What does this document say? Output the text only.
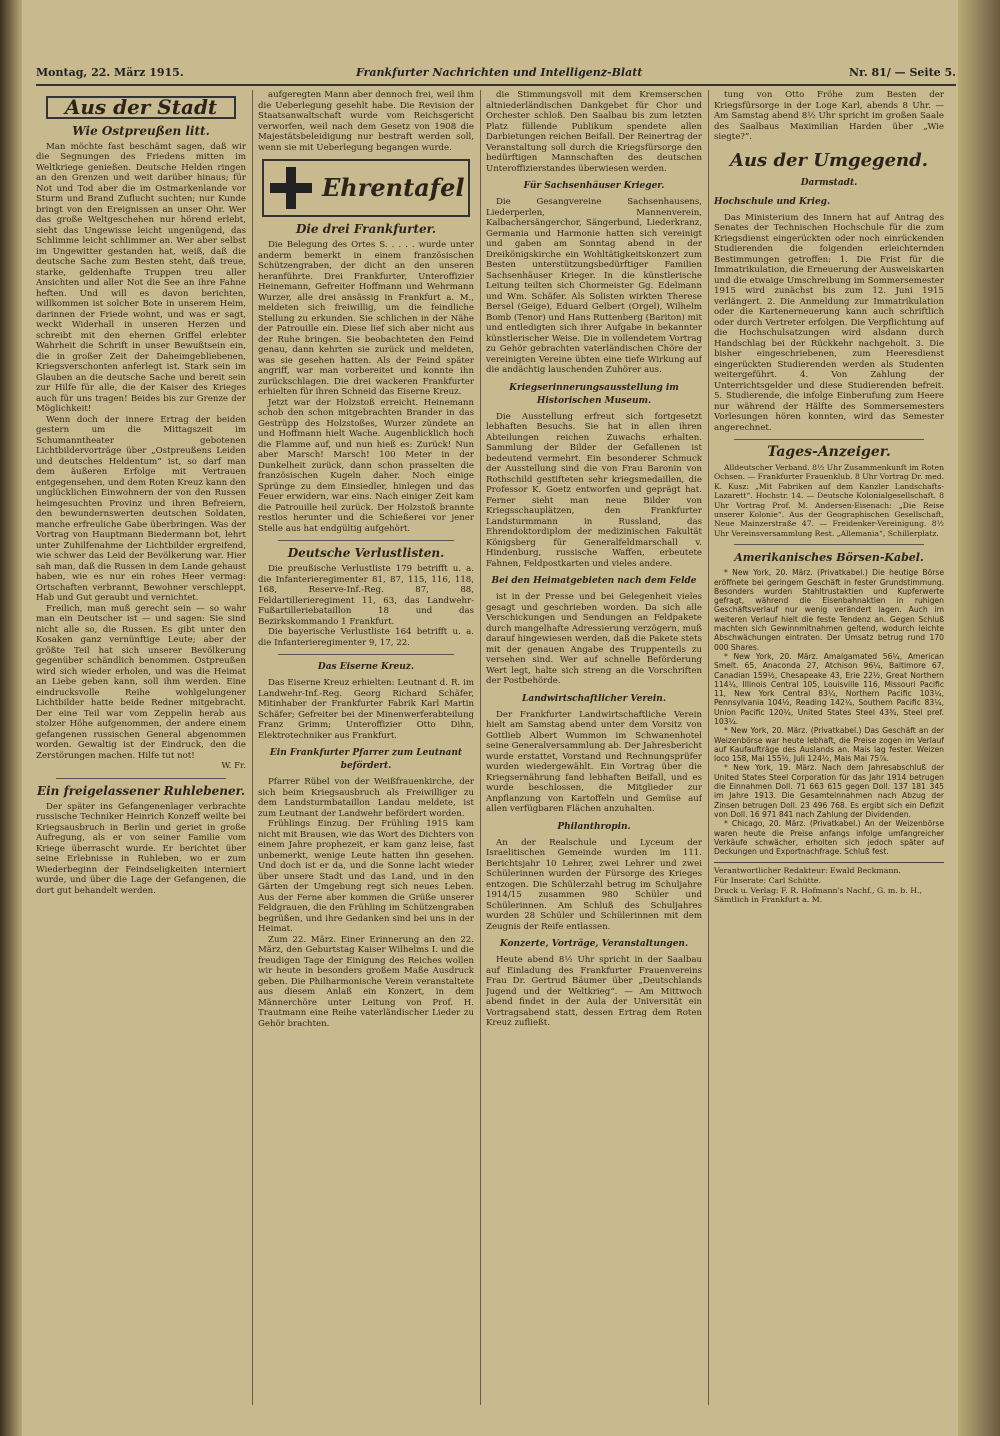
Montag, 22. März 1915.	Frankfurter Nachrichten und Intelligenz-Blatt	Nr. 81/ — Seite 5.
Aus der Stadt
Wie Ostpreußen litt.

Man möchte fast beschämt sagen, daß wir die Segnungen des Friedens mitten im Weltkriege genießen. Deutsche Helden ringen an den Grenzen und weit darüber hinaus; für Not und Tod aber die im Ostmarkenlande vor Sturm und Brand Zuflucht suchten; nur Kunde bringt von den Ereignissen an unser Ohr. Wer das große Weltgeschehen nur hörend erlebt, sieht das Ungewisse leicht ungenügend, das Schlimme leicht schlimmer an. Wer aber selbst im Ungewitter gestanden hat, weiß, daß die deutsche Sache zum Besten steht, daß treue, starke, geldenhafte Truppen treu aller Ansichten und aller Not die See an ihre Fahne heften. Und will es davon berichten, willkommen ist solcher Bote in unserem Heim, darinnen der Friede wohnt, und was er sagt, weckt Widerhall in unseren Herzen und schreibt mit den ehernen Griffel erlebter Wahrheit die Schrift in unser Bewußtsein ein, die in großer Zeit der Daheimgebliebenen, Kriegsverschonten anferlegt ist. Stark sein im Glauben an die deutsche Sache und bereit sein zur Hilfe für alle, die der Kaiser des Krieges auch für uns tragen! Beides bis zur Grenze der Möglichkeit!

Wenn doch der innere Ertrag der beiden gestern um die Mittagszeit im Schumanntheater gebotenen Lichtbildervorträge über „Ostpreußens Leiden und deutsches Heldentum“ ist, so darf man dem äußeren Erfolge mit Vertrauen entgegensehen, und dem Roten Kreuz kann den unglücklichen Einwohnern der von den Russen heimgesuchten Provinz und ihren Befreiern, den bewundernswerten deutschen Soldaten, manche erfreuliche Gabe überbringen. Was der Vortrag von Hauptmann Biedermann bot, lehrt unter Zuhilfenahme der Lichtbilder ergreifend, wie schwer das Leid der Bevölkerung war. Hier sah man, daß die Russen in dem Lande gehaust haben, wie es nur ein rohes Heer vermag: Ortschaften verbrannt, Bewohner verschleppt, Hab und Gut geraubt und vernichtet.

Freilich, man muß gerecht sein — so wahr man ein Deutscher ist — und sagen: Sie sind nicht alle so, die Russen. Es gibt unter den Kosaken ganz vernünftige Leute; aber der größte Teil hat sich unserer Bevölkerung gegenüber schändlich benommen. Ostpreußen wird sich wieder erholen, und was die Heimat an Liebe geben kann, soll ihm werden. Eine eindrucksvolle Reihe wohlgelungener Lichtbilder hatte beide Redner mitgebracht. Der eine Teil war vom Zeppelin herab aus stolzer Höhe aufgenommen, der andere einem gefangenen russischen General abgenommen worden. Gewaltig ist der Eindruck, den die Zerstörungen machen. Hilfe tut not!

W. Fr.
Ein freigelassener Ruhlebener.

Der später ins Gefangenenlager verbrachte russische Techniker Heinrich Konzeff weilte bei Kriegsausbruch in Berlin und geriet in große Aufregung, als er von seiner Familie vom Kriege überrascht wurde. Er berichtet über seine Erlebnisse in Ruhleben, wo er zum Wiederbeginn der Feindseligkeiten interniert wurde, und über die Lage der Gefangenen, die dort gut behandelt werden.

aufgeregten Mann aber dennoch frei, weil ihm die Ueberlegung gesehlt habe. Die Revision der Staatsanwaltschaft wurde vom Reichsgericht verworfen, weil nach dem Gesetz von 1908 die Majestätsbeleidigung nur bestraft werden soll, wenn sie mit Ueberlegung begangen wurde.

Ehrentafel
Die drei Frankfurter.

Die Belegung des Ortes S. . . . . wurde unter anderm bemerkt in einem französischen Schützengraben, der dicht an den unseren heranführte. Drei Frankfurter, Unteroffizier Heinemann, Gefreiter Hoffmann und Wehrmann Wurzer, alle drei ansässig in Frankfurt a. M., meldeten sich freiwillig, um die feindliche Stellung zu erkunden. Sie schlichen in der Nähe der Patrouille ein. Diese lief sich aber nicht aus der Ruhe bringen. Sie beobachteten den Feind genau, dann kehrten sie zurück und meldeten, was sie gesehen hatten. Als der Feind später angriff, war man vorbereitet und konnte ihn zurückschlagen. Die drei wackeren Frankfurter erhielten für ihren Schneid das Eiserne Kreuz.

Jetzt war der Holzstoß erreicht. Heinemann schob den schon mitgebrachten Brander in das Gestrüpp des Holzstoßes, Wurzer zündete an und Hoffmann hielt Wache. Augenblicklich hoch die Flamme auf, und nun hieß es: Zurück! Nun aber Marsch! Marsch! 100 Meter in der Dunkelheit zurück, dann schon prasselten die französischen Kugeln daher. Noch einige Sprünge zu dem Einsiedler, hinlegen und das Feuer erwidern, war eins. Nach einiger Zeit kam die Patrouille heil zurück. Der Holzstoß brannte restlos herunter und die Schießerei vor jener Stelle aus hat endgültig aufgehört.

Deutsche Verlustlisten.

Die preußische Verlustliste 179 betrifft u. a. die Infanterieregimenter 81, 87, 115, 116, 118, 168, Reserve-Inf.-Reg. 87, 88, Feldartillerieregiment 11, 63, das Landwehr-Fußartilleriebataillon 18 und das Bezirkskommando 1 Frankfurt.

Die bayerische Verlustliste 164 betrifft u. a. die Infanterieregimenter 9, 17, 22.

Das Eiserne Kreuz.

Das Eiserne Kreuz erhielten: Leutnant d. R. im Landwehr-Inf.-Reg. Georg Richard Schäfer, Mitinhaber der Frankfurter Fabrik Karl Martin Schäfer; Gefreiter bei der Minenwerferabteilung Franz Grimm; Unteroffizier Otto Dihn, Elektrotechniker aus Frankfurt.

Ein Frankfurter Pfarrer zum Leutnant befördert.

Pfarrer Rübel von der Weißfrauenkirche, der sich beim Kriegsausbruch als Freiwilliger zu dem Landsturmbataillon Landau meldete, ist zum Leutnant der Landwehr befördert worden.

Frühlings Einzug. Der Frühling 1915 kam nicht mit Brausen, wie das Wort des Dichters von einem Jahre prophezeit, er kam ganz leise, fast unbemerkt, wenige Leute hatten ihn gesehen. Und doch ist er da, und die Sonne lacht wieder über unsere Stadt und das Land, und in den Gärten der Umgebung regt sich neues Leben. Aus der Ferne aber kommen die Grüße unserer Feldgrauen, die den Frühling im Schützengraben begrüßen, und ihre Gedanken sind bei uns in der Heimat.

Zum 22. März. Einer Erinnerung an den 22. März, den Geburtstag Kaiser Wilhelms I. und die freudigen Tage der Einigung des Reiches wollen wir heute in besonders großem Maße Ausdruck geben. Die Philharmonische Verein veranstaltete aus diesem Anlaß ein Konzert, in dem Männerchöre unter Leitung von Prof. H. Trautmann eine Reihe vaterländischer Lieder zu Gehör brachten.

die Stimmungsvoll mit dem Kremserschen altniederländischen Dankgebet für Chor und Orchester schloß. Den Saalbau bis zum letzten Platz füllende Publikum spendete allen Darbietungen reichen Beifall. Der Reinertrag der Veranstaltung soll durch die Kriegsfürsorge den bedürftigen Mannschaften des deutschen Unteroffizierstandes überwiesen werden.

Für Sachsenhäuser Krieger.

Die Gesangvereine Sachsenhausens, Liederperlen, Mannenverein, Kalbachersängerchor, Sängerbund, Liederkranz, Germania und Harmonie hatten sich vereinigt und gaben am Sonntag abend in der Dreikönigskirche ein Wohltätigkeitskonzert zum Besten unterstützungsbedürftiger Familien Sachsenhäuser Krieger. In die künstlerische Leitung teilten sich Chormeister Gg. Edelmann und Wm. Schäfer. Als Solisten wirkten Therese Bersel (Geige), Eduard Gelbert (Orgel), Wilhelm Bomb (Tenor) und Hans Ruttenberg (Bariton) mit und entledigten sich ihrer Aufgabe in bekannter künstlerischer Weise. Die in vollendetem Vortrag zu Gehör gebrachten vaterländischen Chöre der vereinigten Vereine übten eine tiefe Wirkung auf die andächtig lauschenden Zuhörer aus.

Kriegserinnerungsausstellung im Historischen Museum.

Die Ausstellung erfreut sich fortgesetzt lebhaften Besuchs. Sie hat in allen ihren Abteilungen reichen Zuwachs erhalten. Sammlung der Bilder der Gefallenen ist bedeutend vermehrt. Ein besonderer Schmuck der Ausstellung sind die von Frau Baronin von Rothschild gestifteten sehr kriegsmedaillen, die Professor K. Goetz entworfen und geprägt hat. Ferner sieht man neue Bilder von Kriegsschauplätzen, den Frankfurter Landsturmmann in Russland, das Ehrendoktordiplom der medizinischen Fakultät Königsberg für Generalfeldmarschall v. Hindenburg, russische Waffen, erbeutete Fahnen, Feldpostkarten und vieles andere.

Bei den Heimatgebieten nach dem Felde

ist in der Presse und bei Gelegenheit vieles gesagt und geschrieben worden. Da sich alle Verschickungen und Sendungen an Feldpakete durch mangelhafte Adressierung verzögern, muß darauf hingewiesen werden, daß die Pakete stets mit der genauen Angabe des Truppenteils zu versehen sind. Wer auf schnelle Beförderung Wert legt, halte sich streng an die Vorschriften der Postbehörde.

Landwirtschaftlicher Verein.

Der Frankfurter Landwirtschaftliche Verein hielt am Samstag abend unter dem Vorsitz von Gottlieb Albert Wummon im Schwanenhotel seine Generalversammlung ab. Der Jahresbericht wurde erstattet, Vorstand und Rechnungsprüfer wurden wiedergewählt. Ein Vortrag über die Kriegsernährung fand lebhaften Beifall, und es wurde beschlossen, die Mitglieder zur Anpflanzung von Kartoffeln und Gemüse auf allen verfügbaren Flächen anzuhalten.

Philanthropin.

An der Realschule und Lyceum der Israelitischen Gemeinde wurden im 111. Berichtsjahr 10 Lehrer, zwei Lehrer und zwei Schülerinnen wurden der Fürsorge des Krieges entzogen. Die Schülerzahl betrug im Schuljahre 1914/15 zusammen 980 Schüler und Schülerinnen. Am Schluß des Schuljahres wurden 28 Schüler und Schülerinnen mit dem Zeugnis der Reife entlassen.

Konzerte, Vorträge, Veranstaltungen.

Heute abend 8½ Uhr spricht in der Saalbau auf Einladung des Frankfurter Frauenvereins Frau Dr. Gertrud Bäumer über „Deutschlands Jugend und der Weltkrieg“. — Am Mittwoch abend findet in der Aula der Universität ein Vortragsabend statt, dessen Ertrag dem Roten Kreuz zufließt.

tung von Otto Fröhe zum Besten der Kriegsfürsorge in der Loge Karl, abends 8 Uhr. — Am Samstag abend 8½ Uhr spricht im großen Saale des Saalbaus Maximilian Harden über „Wie siegte?“.

Aus der Umgegend.
Darmstadt.
Hochschule und Krieg.

Das Ministerium des Innern hat auf Antrag des Senates der Technischen Hochschule für die zum Kriegsdienst eingerückten oder noch einrückenden Studierenden die folgenden erleichternden Bestimmungen getroffen: 1. Die Frist für die Immatrikulation, die Erneuerung der Ausweiskarten und die etwaige Umschreibung im Sommersemester 1915 wird zunächst bis zum 12. Juni 1915 verlängert. 2. Die Anmeldung zur Immatrikulation oder die Kartenerneuerung kann auch schriftlich oder durch Vertreter erfolgen. Die Verpflichtung auf die Hochschulsatzungen wird alsdann durch Handschlag bei der Rückkehr nachgeholt. 3. Die bisher eingeschriebenen, zum Heeresdienst eingerückten Studierenden werden als Studenten weitergeführt. 4. Von Zahlung der Unterrichtsgelder und diese Studierenden befreit. 5. Studierende, die infolge Einberufung zum Heere nur während der Hälfte des Sommersemesters Vorlesungen hören konnten, wird das Semester angerechnet.

Tages-Anzeiger.

Alldeutscher Verband. 8½ Uhr Zusammenkunft im Roten Ochsen. — Frankfurter Frauenklub. 8 Uhr Vortrag Dr. med. K. Kusz: „Mit Fabriken auf dem Kanzler Landschafts-Lazarett“. Hochstr. 14. — Deutsche Kolonialgesellschaft. 8 Uhr Vortrag Prof. M. Andersen-Eisenach: „Die Reise unserer Kolonie“. Aus der Geographischen Gesellschaft, Neue Mainzerstraße 47. — Freidenker-Vereinigung. 8½ Uhr Vereinsversammlung Rest. „Allemania“, Schillerplatz.

Amerikanisches Börsen-Kabel.

* New York, 20. März. (Privatkabel.) Die heutige Börse eröffnete bei geringem Geschäft in fester Grundstimmung. Besonders wurden Stahltrustaktien und Kupferwerte gefragt, während die Eisenbahnaktien in ruhigen Geschäftsverlauf nur wenig verändert lagen. Auch im weiteren Verlauf hielt die feste Tendenz an. Gegen Schluß machten sich Gewinnmitnahmen geltend, wodurch leichte Abschwächungen eintraten. Der Umsatz betrug rund 170 000 Shares.

* New York, 20. März. Amalgamated 56¼, American Smelt. 65, Anaconda 27, Atchison 96¼, Baltimore 67, Canadian 159½, Chesapeake 43, Erie 22½, Great Northern 114¼, Illinois Central 105, Louisville 116, Missouri Pacific 11, New York Central 83¼, Northern Pacific 103¼, Pennsylvania 104½, Reading 142¼, Southern Pacific 83¼, Union Pacific 120¼, United States Steel 43¾, Steel pref. 103¼.

* New York, 20. März. (Privatkabel.) Das Geschäft an der Weizenbörse war heute lebhaft, die Preise zogen im Verlauf auf Kaufaufträge des Auslands an. Mais lag fester. Weizen loco 158, Mai 155½, Juli 124½, Mais Mai 75⅞.

* New York, 19. März. Nach dem Jahresabschluß der United States Steel Corporation für das Jahr 1914 betrugen die Einnahmen Doll. 71 663 615 gegen Doll. 137 181 345 im Jahre 1913. Die Gesamteinnahmen nach Abzug der Zinsen betrugen Doll. 23 496 768. Es ergibt sich ein Defizit von Doll. 16 971 841 nach Zahlung der Dividenden.

* Chicago, 20. März. (Privatkabel.) An der Weizenbörse waren heute die Preise anfangs infolge umfangreicher Verkäufe schwächer, erholten sich jedoch später auf Deckungen und Exportnachfrage. Schluß fest.

Verantwortlicher Redakteur: Ewald Beckmann.
Für Inserate: Carl Schütte.
Druck u. Verlag: F. R. Hofmann's Nachf., G. m. b. H.,
Sämtlich in Frankfurt a. M.
